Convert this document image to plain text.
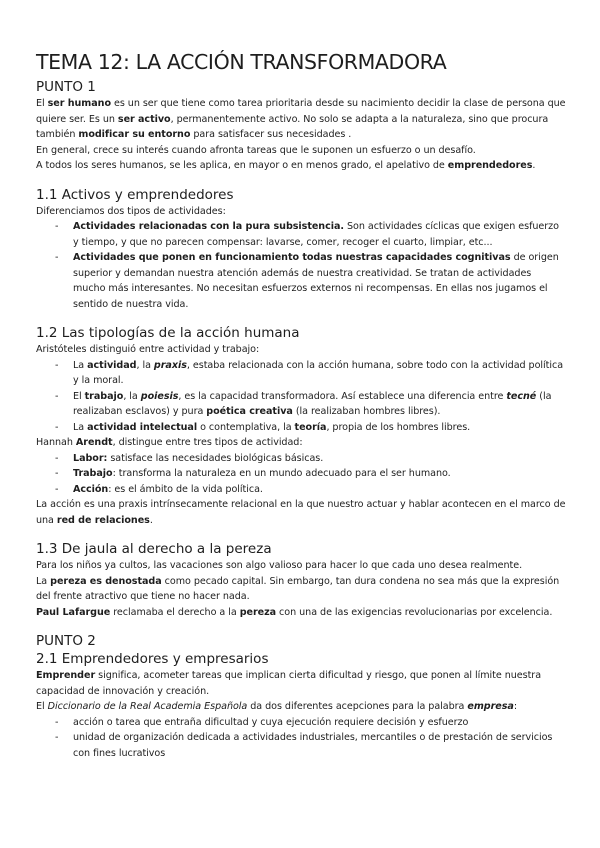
TEMA 12: LA ACCIÓN TRANSFORMADORA
PUNTO 1

El ser humano es un ser que tiene como tarea prioritaria desde su nacimiento decidir la clase de persona que quiere ser. Es un ser activo, permanentemente activo. No solo se adapta a la naturaleza, sino que procura también modificar su entorno para satisfacer sus necesidades .

En general, crece su interés cuando afronta tareas que le suponen un esfuerzo o un desafío.

A todos los seres humanos, se les aplica, en mayor o en menos grado, el apelativo de emprendedores.

1.1 Activos y emprendedores

Diferenciamos dos tipos de actividades:

- Actividades relacionadas con la pura subsistencia. Son actividades cíclicas que exigen esfuerzo y tiempo, y que no parecen compensar: lavarse, comer, recoger el cuarto, limpiar, etc...
- Actividades que ponen en funcionamiento todas nuestras capacidades cognitivas de origen superior y demandan nuestra atención además de nuestra creatividad. Se tratan de actividades mucho más interesantes. No necesitan esfuerzos externos ni recompensas. En ellas nos jugamos el sentido de nuestra vida.
1.2 Las tipologías de la acción humana

Aristóteles distinguió entre actividad y trabajo:

- La actividad, la praxis, estaba relacionada con la acción humana, sobre todo con la actividad política y la moral.
- El trabajo, la poiesis, es la capacidad transformadora. Así establece una diferencia entre tecné (la realizaban esclavos) y pura poética creativa (la realizaban hombres libres).
- La actividad intelectual o contemplativa, la teoría, propia de los hombres libres.

Hannah Arendt, distingue entre tres tipos de actividad:

- Labor: satisface las necesidades biológicas básicas.
- Trabajo: transforma la naturaleza en un mundo adecuado para el ser humano.
- Acción: es el ámbito de la vida política.

La acción es una praxis intrínsecamente relacional en la que nuestro actuar y hablar acontecen en el marco de una red de relaciones.

1.3 De jaula al derecho a la pereza

Para los niños ya cultos, las vacaciones son algo valioso para hacer lo que cada uno desea realmente.

La pereza es denostada como pecado capital. Sin embargo, tan dura condena no sea más que la expresión del frente atractivo que tiene no hacer nada.

Paul Lafargue reclamaba el derecho a la pereza con una de las exigencias revolucionarias por excelencia.

PUNTO 2
2.1 Emprendedores y empresarios

Emprender significa, acometer tareas que implican cierta dificultad y riesgo, que ponen al límite nuestra capacidad de innovación y creación.

El Diccionario de la Real Academia Española da dos diferentes acepciones para la palabra empresa:

- acción o tarea que entraña dificultad y cuya ejecución requiere decisión y esfuerzo
- unidad de organización dedicada a actividades industriales, mercantiles o de prestación de servicios con fines lucrativos
